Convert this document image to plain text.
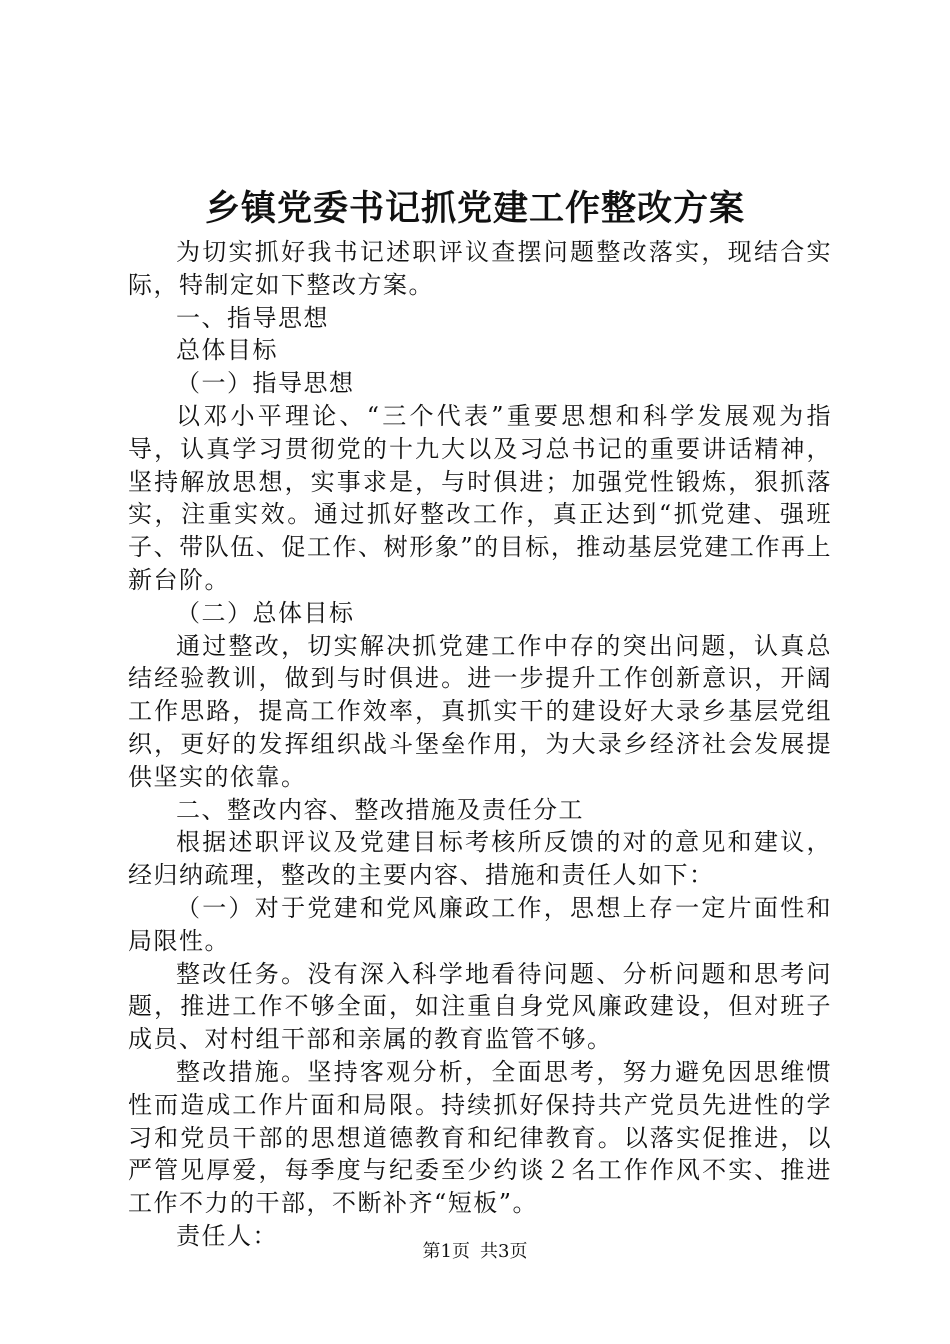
乡镇党委书记抓党建工作整改方案

为切实抓好我书记述职评议查摆问题整改落实，现结合实际，特制定如下整改方案。

一、指导思想

总体目标

（一）指导思想

以邓小平理论、“三个代表”重要思想和科学发展观为指导，认真学习贯彻党的十九大以及习总书记的重要讲话精神，坚持解放思想，实事求是，与时俱进；加强党性锻炼，狠抓落实，注重实效。通过抓好整改工作，真正达到“抓党建、强班子、带队伍、促工作、树形象”的目标，推动基层党建工作再上新台阶。

（二）总体目标

通过整改，切实解决抓党建工作中存的突出问题，认真总结经验教训，做到与时俱进。进一步提升工作创新意识，开阔工作思路，提高工作效率，真抓实干的建设好大录乡基层党组织，更好的发挥组织战斗堡垒作用，为大录乡经济社会发展提供坚实的依靠。

二、整改内容、整改措施及责任分工

根据述职评议及党建目标考核所反馈的对的意见和建议，经归纳疏理，整改的主要内容、措施和责任人如下：

（一）对于党建和党风廉政工作，思想上存一定片面性和局限性。

整改任务。没有深入科学地看待问题、分析问题和思考问题，推进工作不够全面，如注重自身党风廉政建设，但对班子成员、对村组干部和亲属的教育监管不够。

整改措施。坚持客观分析，全面思考，努力避免因思维惯性而造成工作片面和局限。持续抓好保持共产党员先进性的学习和党员干部的思想道德教育和纪律教育。以落实促推进，以严管见厚爱，每季度与纪委至少约谈２名工作作风不实、推进工作不力的干部，不断补齐“短板”。

责任人：

第1页 共3页
